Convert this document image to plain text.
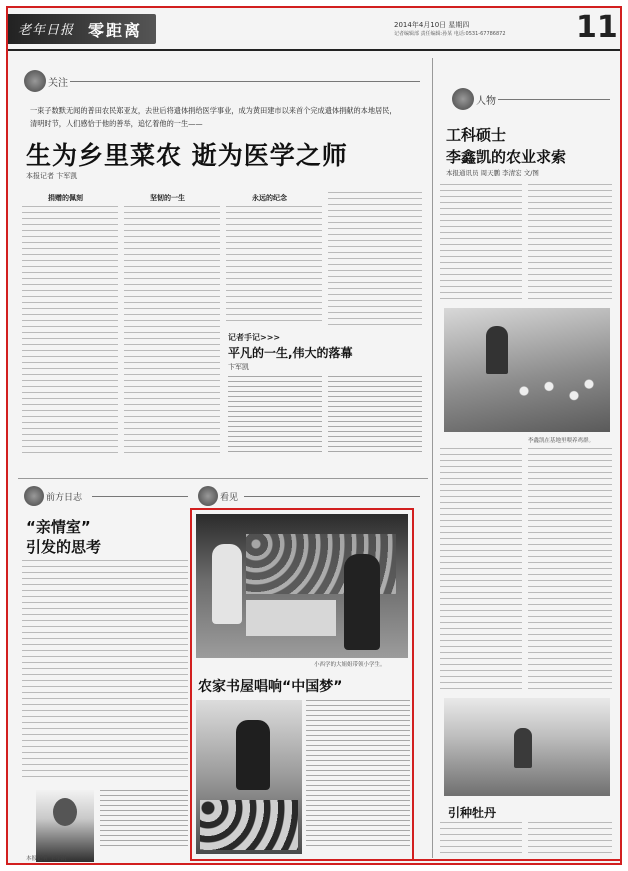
老年日报 零距离	2014年4月10日 星期四
记者编辑部 责任编辑:孙某 电话:0531-67786872	11
关注
一束子数默无闻的普田农民郑亚友，去世后将遗体捐给医学事业，成为黄田建市以来首个完成遗体捐献的本地居民，清明时节，人们感恰于他的善举，追忆着他的一生——
生为乡里菜农 逝为医学之师
本报记者 卞军凯
捐赠的佩刻	坚韧的一生	永远的纪念
记者手记>>>
平凡的一生,伟大的落幕
卞军凯
人物
工科硕士
李鑫凯的农业求索
本报通讯员 周天鹏 李清宏 文/图
李鑫凯在基地里喂养鸡群。
引种牡丹
前方日志
“亲情室”
引发的思考
本报记者 卞军凯
看见
小西学的大姐姐带领小学生。
农家书屋唱响“中国梦”
